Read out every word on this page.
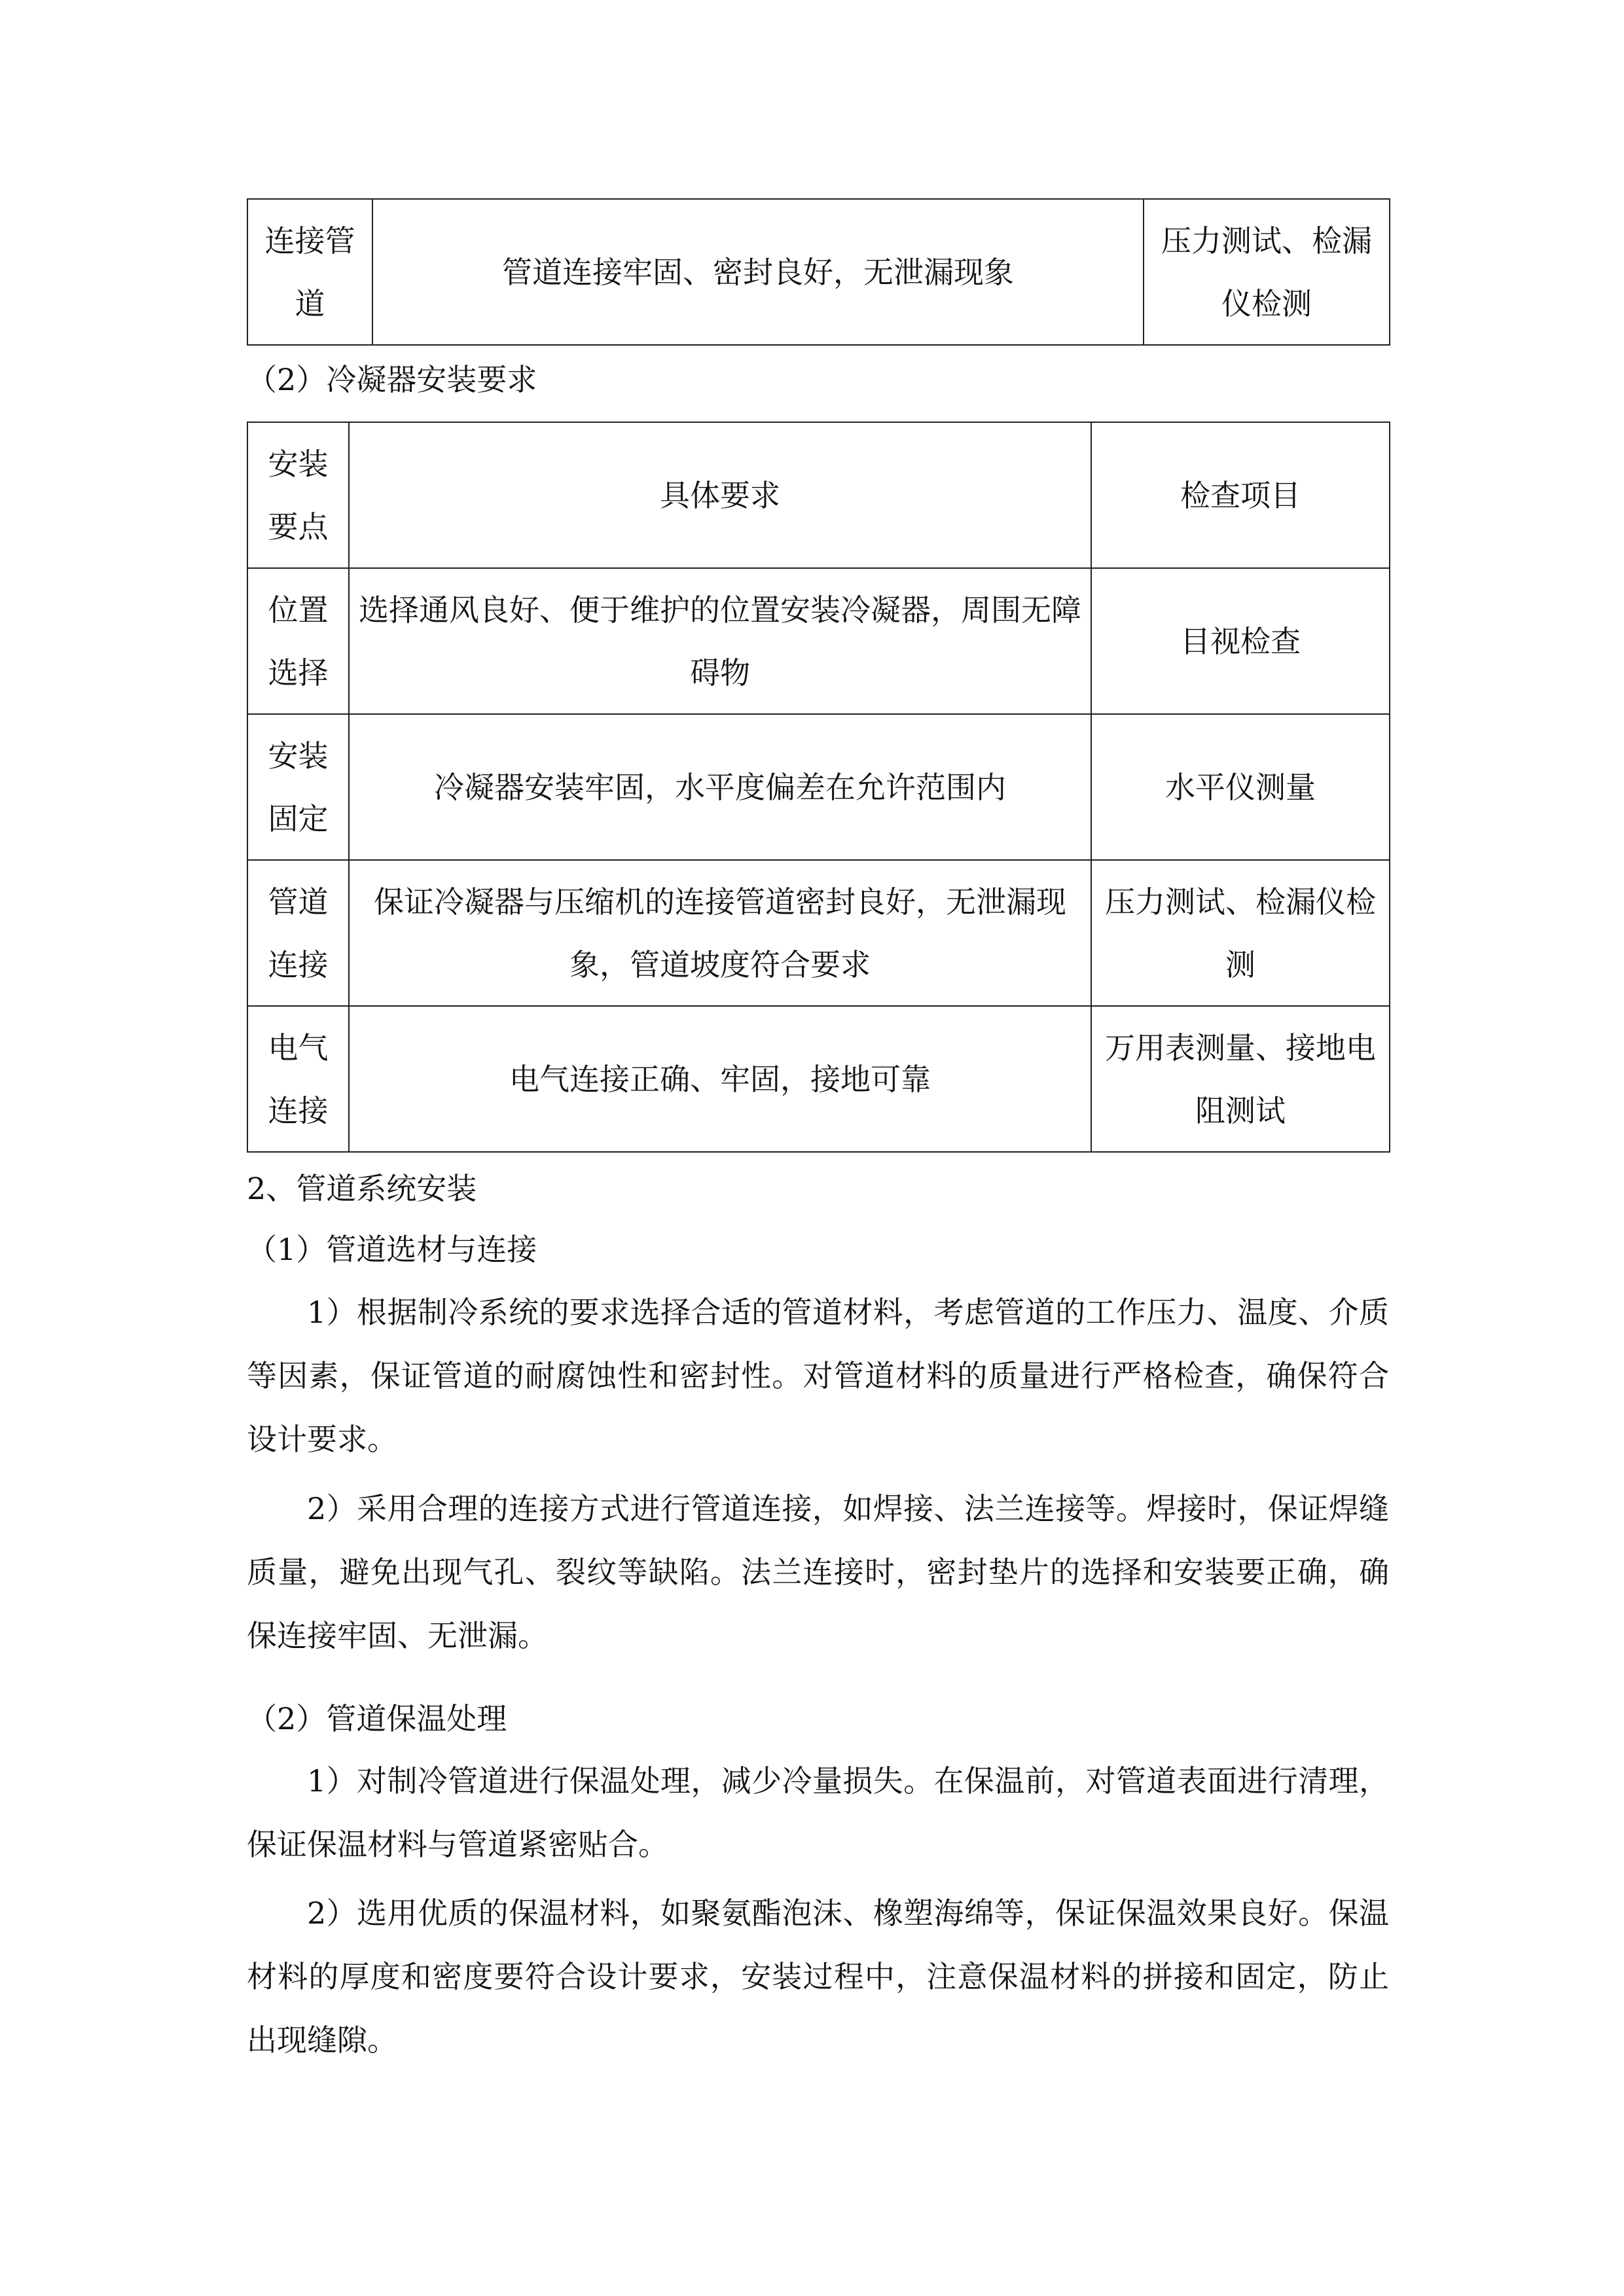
连接管道	管道连接牢固、密封良好，无泄漏现象	压力测试、检漏仪检测
（2）冷凝器安装要求
安装要点	具体要求	检查项目
位置选择	选择通风良好、便于维护的位置安装冷凝器，周围无障碍物	目视检查
安装固定	冷凝器安装牢固，水平度偏差在允许范围内	水平仪测量
管道连接	保证冷凝器与压缩机的连接管道密封良好，无泄漏现象，管道坡度符合要求	压力测试、检漏仪检测
电气连接	电气连接正确、牢固，接地可靠	万用表测量、接地电阻测试
2、管道系统安装
（1）管道选材与连接

1）根据制冷系统的要求选择合适的管道材料，考虑管道的工作压力、温度、介质等因素，保证管道的耐腐蚀性和密封性。对管道材料的质量进行严格检查，确保符合设计要求。

2）采用合理的连接方式进行管道连接，如焊接、法兰连接等。焊接时，保证焊缝质量，避免出现气孔、裂纹等缺陷。法兰连接时，密封垫片的选择和安装要正确，确保连接牢固、无泄漏。

（2）管道保温处理

1）对制冷管道进行保温处理，减少冷量损失。在保温前，对管道表面进行清理，保证保温材料与管道紧密贴合。

2）选用优质的保温材料，如聚氨酯泡沫、橡塑海绵等，保证保温效果良好。保温材料的厚度和密度要符合设计要求，安装过程中，注意保温材料的拼接和固定，防止出现缝隙。
